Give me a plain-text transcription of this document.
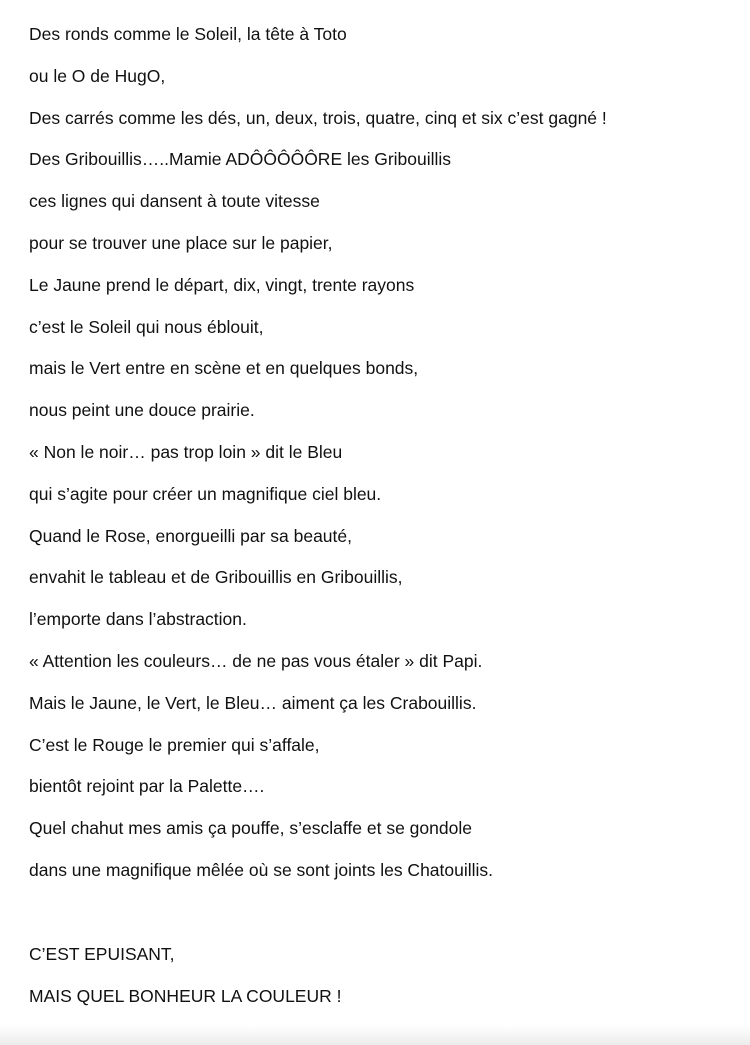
Des ronds comme le Soleil, la tête à Toto
ou le O de HugO,
Des carrés comme les dés, un, deux, trois, quatre, cinq et six c’est gagné !
Des Gribouillis…..Mamie ADÔÔÔÔÔRE les Gribouillis
ces lignes qui dansent à toute vitesse
pour se trouver une place sur le papier,
Le Jaune prend le départ, dix, vingt, trente rayons
c’est le Soleil qui nous éblouit,
mais le Vert entre en scène et en quelques bonds,
nous peint une douce prairie.
« Non le noir… pas trop loin » dit le Bleu
qui s’agite pour créer un magnifique ciel bleu.
Quand le Rose, enorgueilli par sa beauté,
envahit le tableau et de Gribouillis en Gribouillis,
l’emporte dans l’abstraction.
« Attention les couleurs… de ne pas vous étaler » dit Papi.
Mais le Jaune, le Vert, le Bleu… aiment ça les Crabouillis.
C’est le Rouge le premier qui s’affale,
bientôt rejoint par la Palette….
Quel chahut mes amis ça pouffe, s’esclaffe et se gondole
dans une magnifique mêlée où se sont joints les Chatouillis.
C’EST EPUISANT,
MAIS QUEL BONHEUR LA COULEUR !
